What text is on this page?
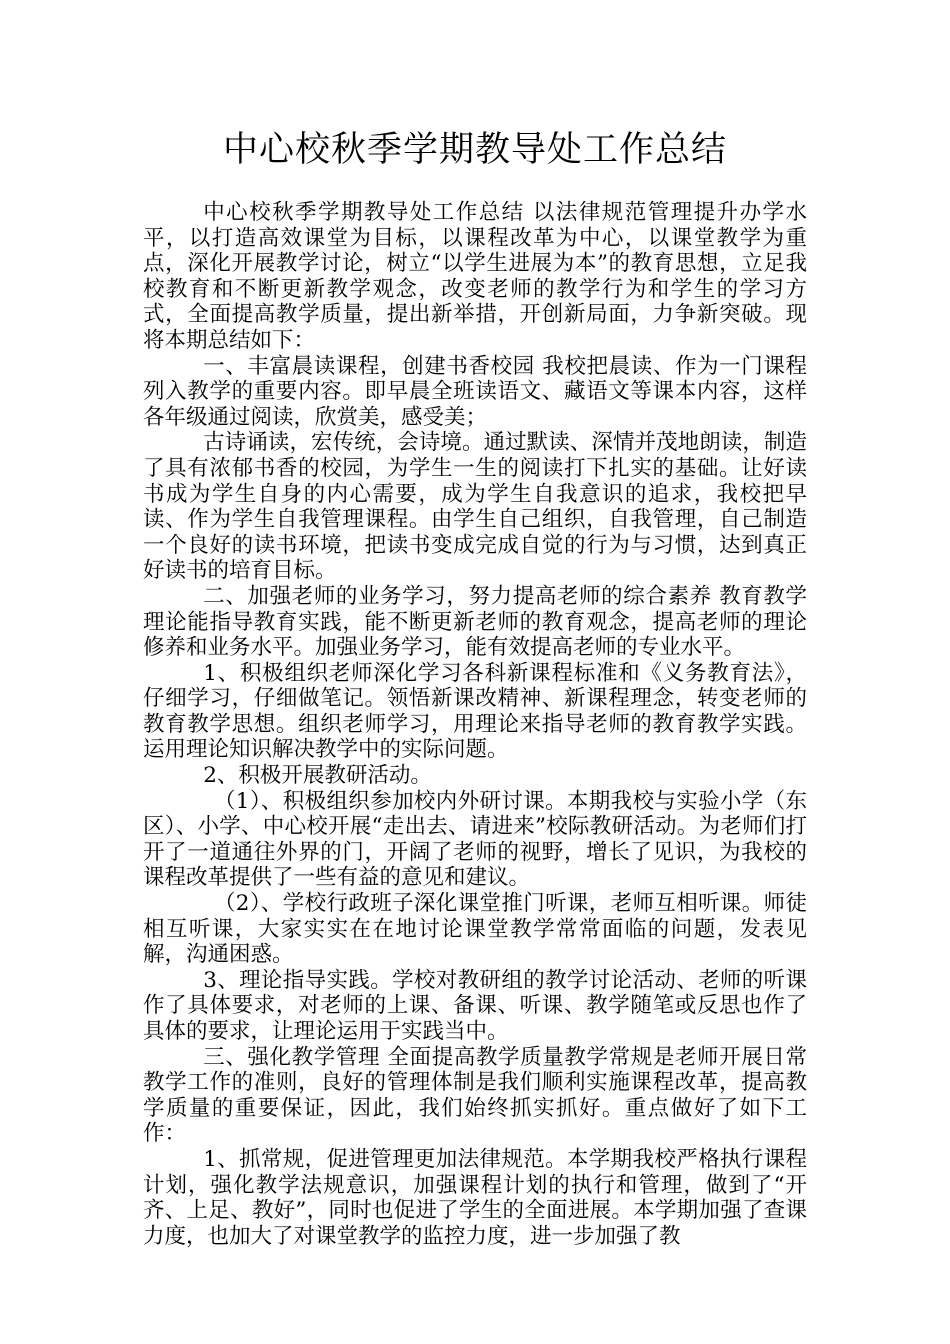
中心校秋季学期教导处工作总结

中心校秋季学期教导处工作总结 以法律规范管理提升办学水平，以打造高效课堂为目标，以课程改革为中心，以课堂教学为重点，深化开展教学讨论，树立“以学生进展为本”的教育思想，立足我校教育和不断更新教学观念，改变老师的教学行为和学生的学习方式，全面提高教学质量，提出新举措，开创新局面，力争新突破。现将本期总结如下：

一、丰富晨读课程，创建书香校园 我校把晨读、作为一门课程列入教学的重要内容。即早晨全班读语文、藏语文等课本内容，这样各年级通过阅读，欣赏美，感受美；

古诗诵读，宏传统，会诗境。通过默读、深情并茂地朗读，制造了具有浓郁书香的校园，为学生一生的阅读打下扎实的基础。让好读书成为学生自身的内心需要，成为学生自我意识的追求，我校把早读、作为学生自我管理课程。由学生自己组织，自我管理，自己制造一个良好的读书环境，把读书变成完成自觉的行为与习惯，达到真正好读书的培育目标。

二、加强老师的业务学习，努力提高老师的综合素养 教育教学理论能指导教育实践，能不断更新老师的教育观念，提高老师的理论修养和业务水平。加强业务学习，能有效提高老师的专业水平。

1、积极组织老师深化学习各科新课程标准和《义务教育法》，仔细学习，仔细做笔记。领悟新课改精神、新课程理念，转变老师的教育教学思想。组织老师学习，用理论来指导老师的教育教学实践。运用理论知识解决教学中的实际问题。

2、积极开展教研活动。

（1）、积极组织参加校内外研讨课。本期我校与实验小学（东区）、小学、中心校开展“走出去、请进来”校际教研活动。为老师们打开了一道通往外界的门，开阔了老师的视野，增长了见识，为我校的课程改革提供了一些有益的意见和建议。

（2）、学校行政班子深化课堂推门听课，老师互相听课。师徒相互听课，大家实实在在地讨论课堂教学常常面临的问题，发表见解，沟通困惑。

3、理论指导实践。学校对教研组的教学讨论活动、老师的听课作了具体要求，对老师的上课、备课、听课、教学随笔或反思也作了具体的要求，让理论运用于实践当中。

三、强化教学管理 全面提高教学质量教学常规是老师开展日常教学工作的准则，良好的管理体制是我们顺利实施课程改革，提高教学质量的重要保证，因此，我们始终抓实抓好。重点做好了如下工作：

1、抓常规，促进管理更加法律规范。本学期我校严格执行课程计划，强化教学法规意识，加强课程计划的执行和管理，做到了“开齐、上足、教好”，同时也促进了学生的全面进展。本学期加强了查课力度，也加大了对课堂教学的监控力度，进一步加强了教
